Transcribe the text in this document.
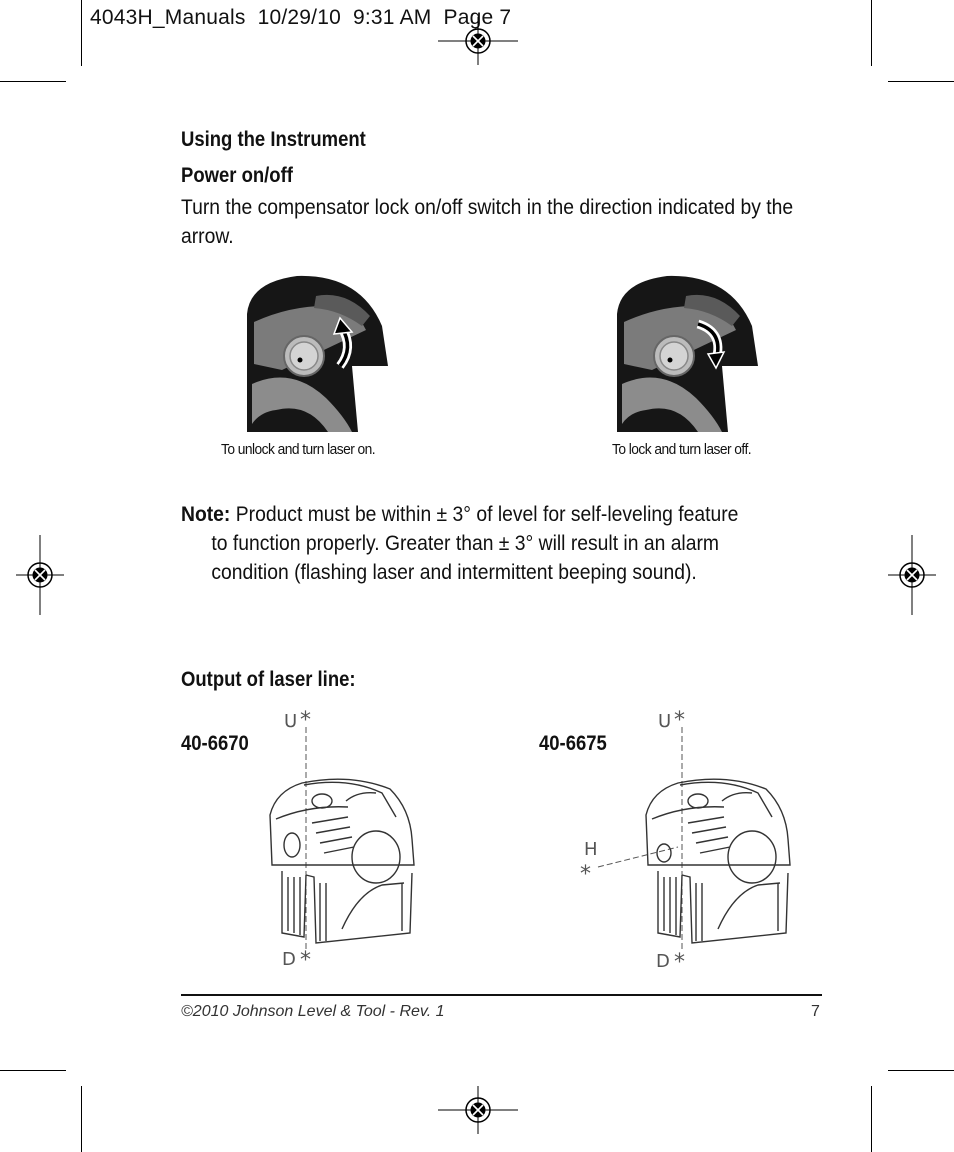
4043H_Manuals  10/29/10  9:31 AM  Page 7
Using the Instrument
Power on/off
Turn the compensator lock on/off switch in the direction indicated by the arrow.
To unlock and turn laser on.	To lock and turn laser off.
Note: Product must be within ± 3° of level for self-leveling feature
to function properly. Greater than ± 3° will result in an alarm
condition (flashing laser and intermittent beeping sound).
Output of laser line:
40-6670	40-6675
U *
D *
U *
H
*
D *
©2010 Johnson Level & Tool - Rev. 1	7
